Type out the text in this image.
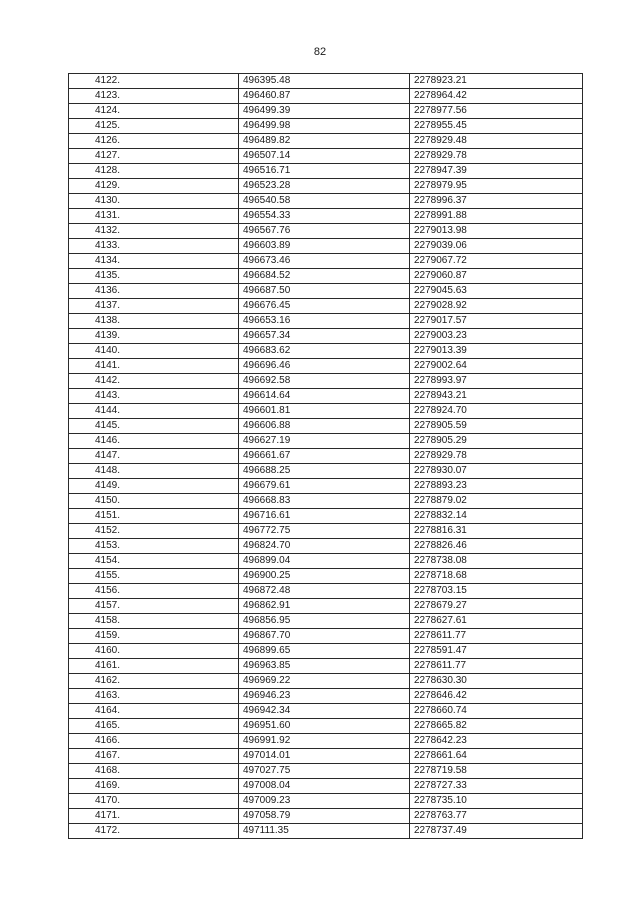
82
4122.	496395.48	2278923.21
4123.	496460.87	2278964.42
4124.	496499.39	2278977.56
4125.	496499.98	2278955.45
4126.	496489.82	2278929.48
4127.	496507.14	2278929.78
4128.	496516.71	2278947.39
4129.	496523.28	2278979.95
4130.	496540.58	2278996.37
4131.	496554.33	2278991.88
4132.	496567.76	2279013.98
4133.	496603.89	2279039.06
4134.	496673.46	2279067.72
4135.	496684.52	2279060.87
4136.	496687.50	2279045.63
4137.	496676.45	2279028.92
4138.	496653.16	2279017.57
4139.	496657.34	2279003.23
4140.	496683.62	2279013.39
4141.	496696.46	2279002.64
4142.	496692.58	2278993.97
4143.	496614.64	2278943.21
4144.	496601.81	2278924.70
4145.	496606.88	2278905.59
4146.	496627.19	2278905.29
4147.	496661.67	2278929.78
4148.	496688.25	2278930.07
4149.	496679.61	2278893.23
4150.	496668.83	2278879.02
4151.	496716.61	2278832.14
4152.	496772.75	2278816.31
4153.	496824.70	2278826.46
4154.	496899.04	2278738.08
4155.	496900.25	2278718.68
4156.	496872.48	2278703.15
4157.	496862.91	2278679.27
4158.	496856.95	2278627.61
4159.	496867.70	2278611.77
4160.	496899.65	2278591.47
4161.	496963.85	2278611.77
4162.	496969.22	2278630.30
4163.	496946.23	2278646.42
4164.	496942.34	2278660.74
4165.	496951.60	2278665.82
4166.	496991.92	2278642.23
4167.	497014.01	2278661.64
4168.	497027.75	2278719.58
4169.	497008.04	2278727.33
4170.	497009.23	2278735.10
4171.	497058.79	2278763.77
4172.	497111.35	2278737.49
